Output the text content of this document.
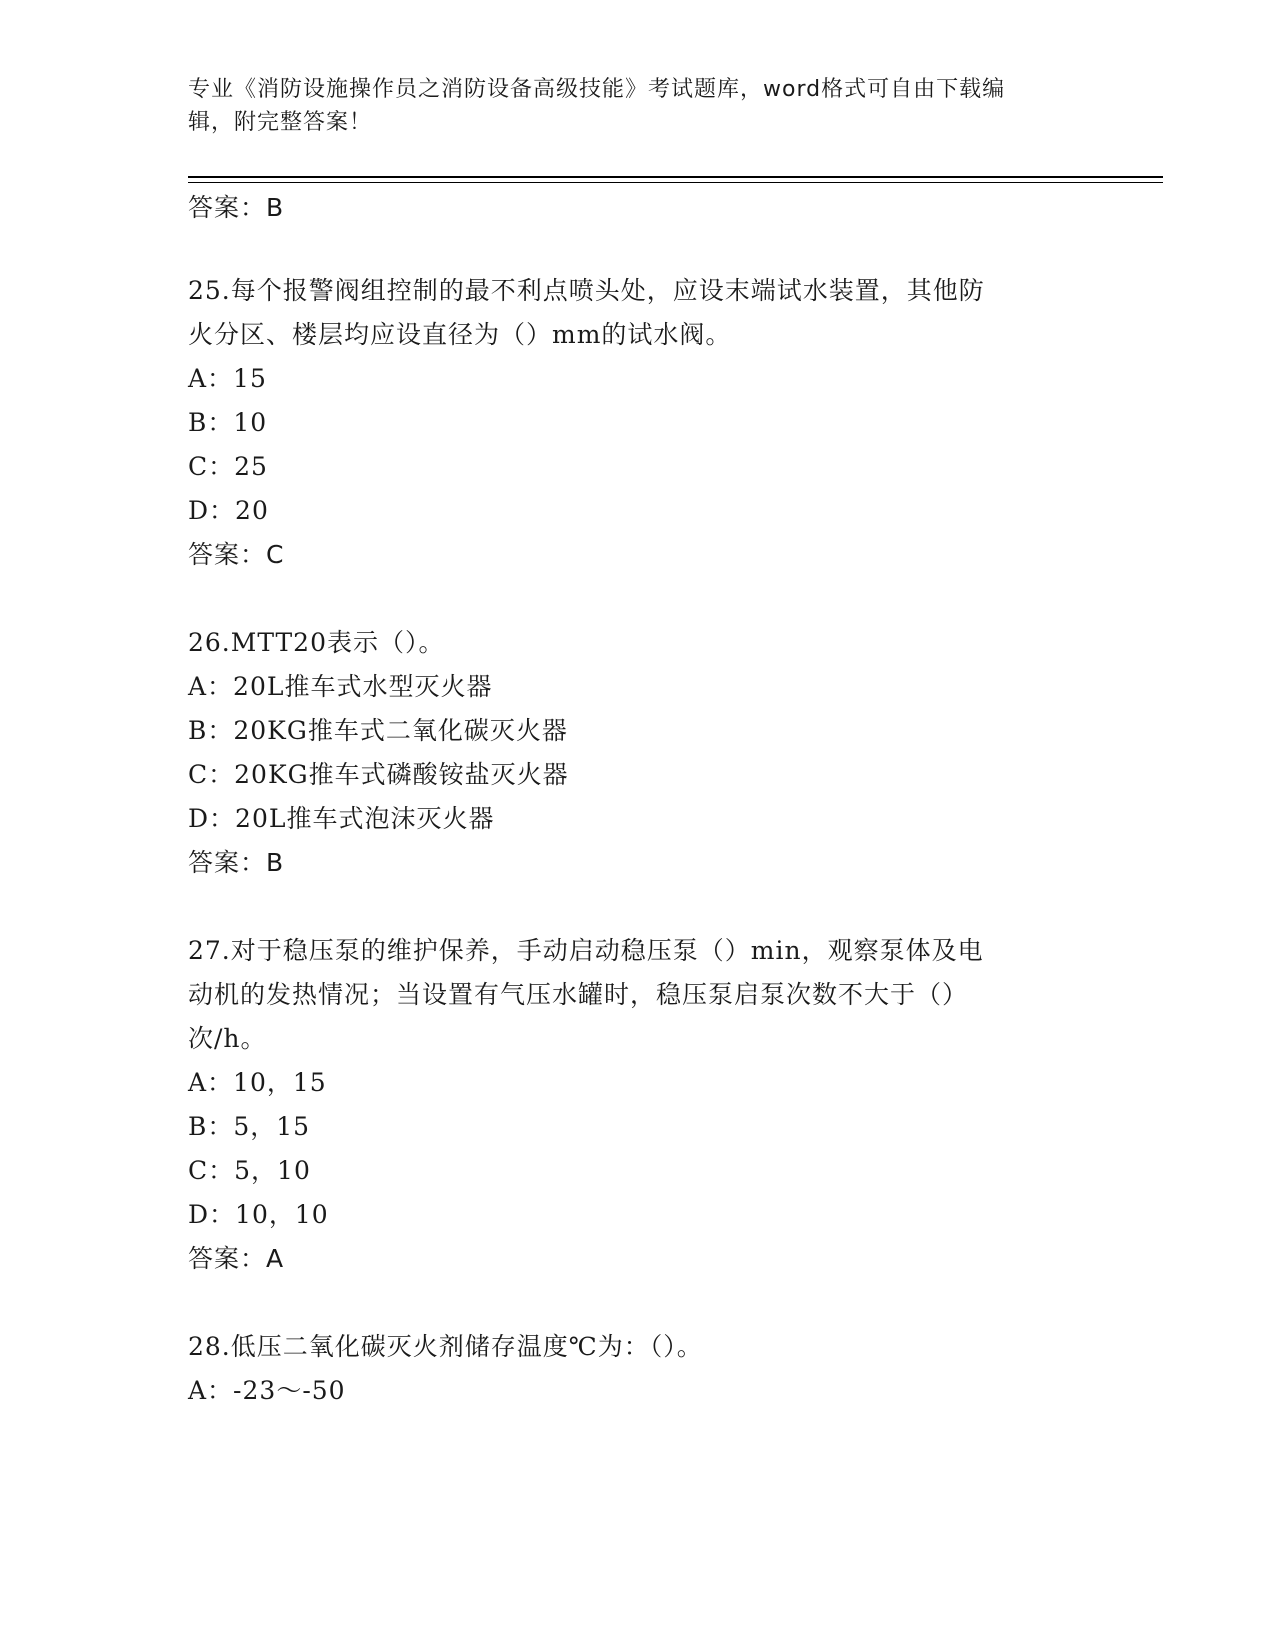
专业《消防设施操作员之消防设备高级技能》考试题库，word格式可自由下载编
辑，附完整答案！
答案：B
25.每个报警阀组控制的最不利点喷头处，应设末端试水装置，其他防
火分区、楼层均应设直径为（）mm的试水阀。
A：15
B：10
C：25
D：20
答案：C
26.MTT20表示（）。
A：20L推车式水型灭火器
B：20KG推车式二氧化碳灭火器
C：20KG推车式磷酸铵盐灭火器
D：20L推车式泡沫灭火器
答案：B
27.对于稳压泵的维护保养，手动启动稳压泵（）min，观察泵体及电
动机的发热情况；当设置有气压水罐时，稳压泵启泵次数不大于（）
次/h。
A：10，15
B：5，15
C：5，10
D：10，10
答案：A
28.低压二氧化碳灭火剂储存温度℃为：（）。
A：-23～-50
